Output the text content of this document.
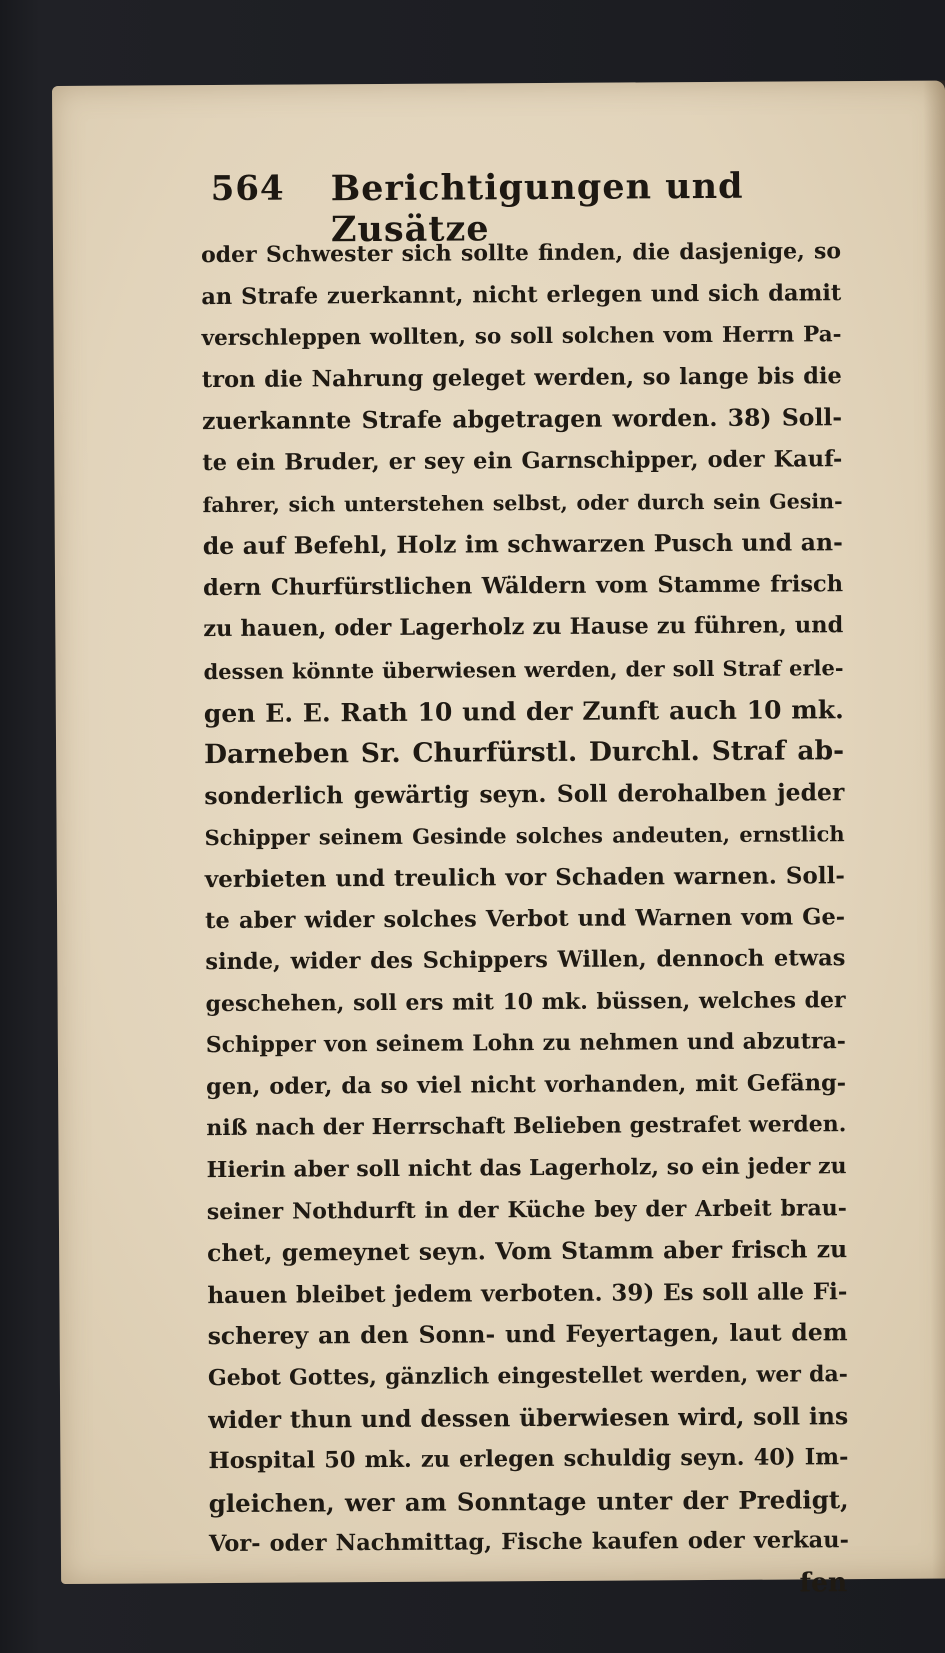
564 Berichtigungen und Zusätze
oder Schwester sich sollte finden, die dasjenige, so
an Strafe zuerkannt, nicht erlegen und sich damit
verschleppen wollten, so soll solchen vom Herrn Pa-
tron die Nahrung geleget werden, so lange bis die
zuerkannte Strafe abgetragen worden. 38) Soll-
te ein Bruder, er sey ein Garnschipper, oder Kauf-
fahrer, sich unterstehen selbst, oder durch sein Gesin-
de auf Befehl, Holz im schwarzen Pusch und an-
dern Churfürstlichen Wäldern vom Stamme frisch
zu hauen, oder Lagerholz zu Hause zu führen, und
dessen könnte überwiesen werden, der soll Straf erle-
gen E. E. Rath 10 und der Zunft auch 10 mk.
Darneben Sr. Churfürstl. Durchl. Straf ab-
sonderlich gewärtig seyn. Soll derohalben jeder
Schipper seinem Gesinde solches andeuten, ernstlich
verbieten und treulich vor Schaden warnen. Soll-
te aber wider solches Verbot und Warnen vom Ge-
sinde, wider des Schippers Willen, dennoch etwas
geschehen, soll ers mit 10 mk. büssen, welches der
Schipper von seinem Lohn zu nehmen und abzutra-
gen, oder, da so viel nicht vorhanden, mit Gefäng-
niß nach der Herrschaft Belieben gestrafet werden.
Hierin aber soll nicht das Lagerholz, so ein jeder zu
seiner Nothdurft in der Küche bey der Arbeit brau-
chet, gemeynet seyn. Vom Stamm aber frisch zu
hauen bleibet jedem verboten. 39) Es soll alle Fi-
scherey an den Sonn- und Feyertagen, laut dem
Gebot Gottes, gänzlich eingestellet werden, wer da-
wider thun und dessen überwiesen wird, soll ins
Hospital 50 mk. zu erlegen schuldig seyn. 40) Im-
gleichen, wer am Sonntage unter der Predigt,
Vor- oder Nachmittag, Fische kaufen oder verkau-
fen
